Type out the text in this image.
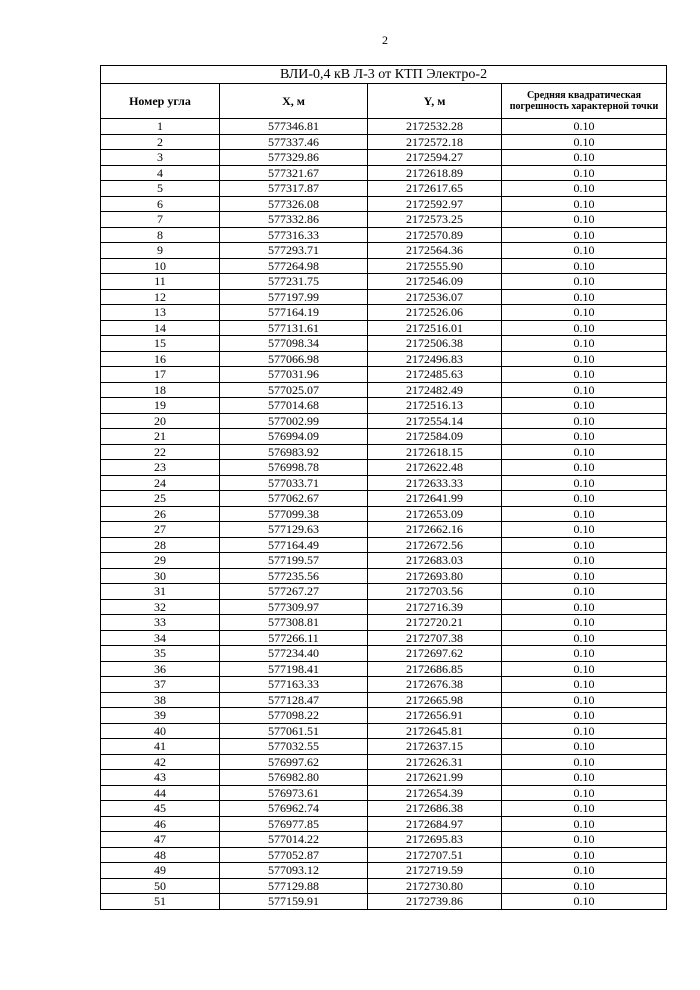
2
ВЛИ-0,4 кВ Л-3 от КТП Электро-2			
Номер угла	X, м	Y, м	Средняя квадратическая погрешность характерной точки
1	577346.81	2172532.28	0.10
2	577337.46	2172572.18	0.10
3	577329.86	2172594.27	0.10
4	577321.67	2172618.89	0.10
5	577317.87	2172617.65	0.10
6	577326.08	2172592.97	0.10
7	577332.86	2172573.25	0.10
8	577316.33	2172570.89	0.10
9	577293.71	2172564.36	0.10
10	577264.98	2172555.90	0.10
11	577231.75	2172546.09	0.10
12	577197.99	2172536.07	0.10
13	577164.19	2172526.06	0.10
14	577131.61	2172516.01	0.10
15	577098.34	2172506.38	0.10
16	577066.98	2172496.83	0.10
17	577031.96	2172485.63	0.10
18	577025.07	2172482.49	0.10
19	577014.68	2172516.13	0.10
20	577002.99	2172554.14	0.10
21	576994.09	2172584.09	0.10
22	576983.92	2172618.15	0.10
23	576998.78	2172622.48	0.10
24	577033.71	2172633.33	0.10
25	577062.67	2172641.99	0.10
26	577099.38	2172653.09	0.10
27	577129.63	2172662.16	0.10
28	577164.49	2172672.56	0.10
29	577199.57	2172683.03	0.10
30	577235.56	2172693.80	0.10
31	577267.27	2172703.56	0.10
32	577309.97	2172716.39	0.10
33	577308.81	2172720.21	0.10
34	577266.11	2172707.38	0.10
35	577234.40	2172697.62	0.10
36	577198.41	2172686.85	0.10
37	577163.33	2172676.38	0.10
38	577128.47	2172665.98	0.10
39	577098.22	2172656.91	0.10
40	577061.51	2172645.81	0.10
41	577032.55	2172637.15	0.10
42	576997.62	2172626.31	0.10
43	576982.80	2172621.99	0.10
44	576973.61	2172654.39	0.10
45	576962.74	2172686.38	0.10
46	576977.85	2172684.97	0.10
47	577014.22	2172695.83	0.10
48	577052.87	2172707.51	0.10
49	577093.12	2172719.59	0.10
50	577129.88	2172730.80	0.10
51	577159.91	2172739.86	0.10
